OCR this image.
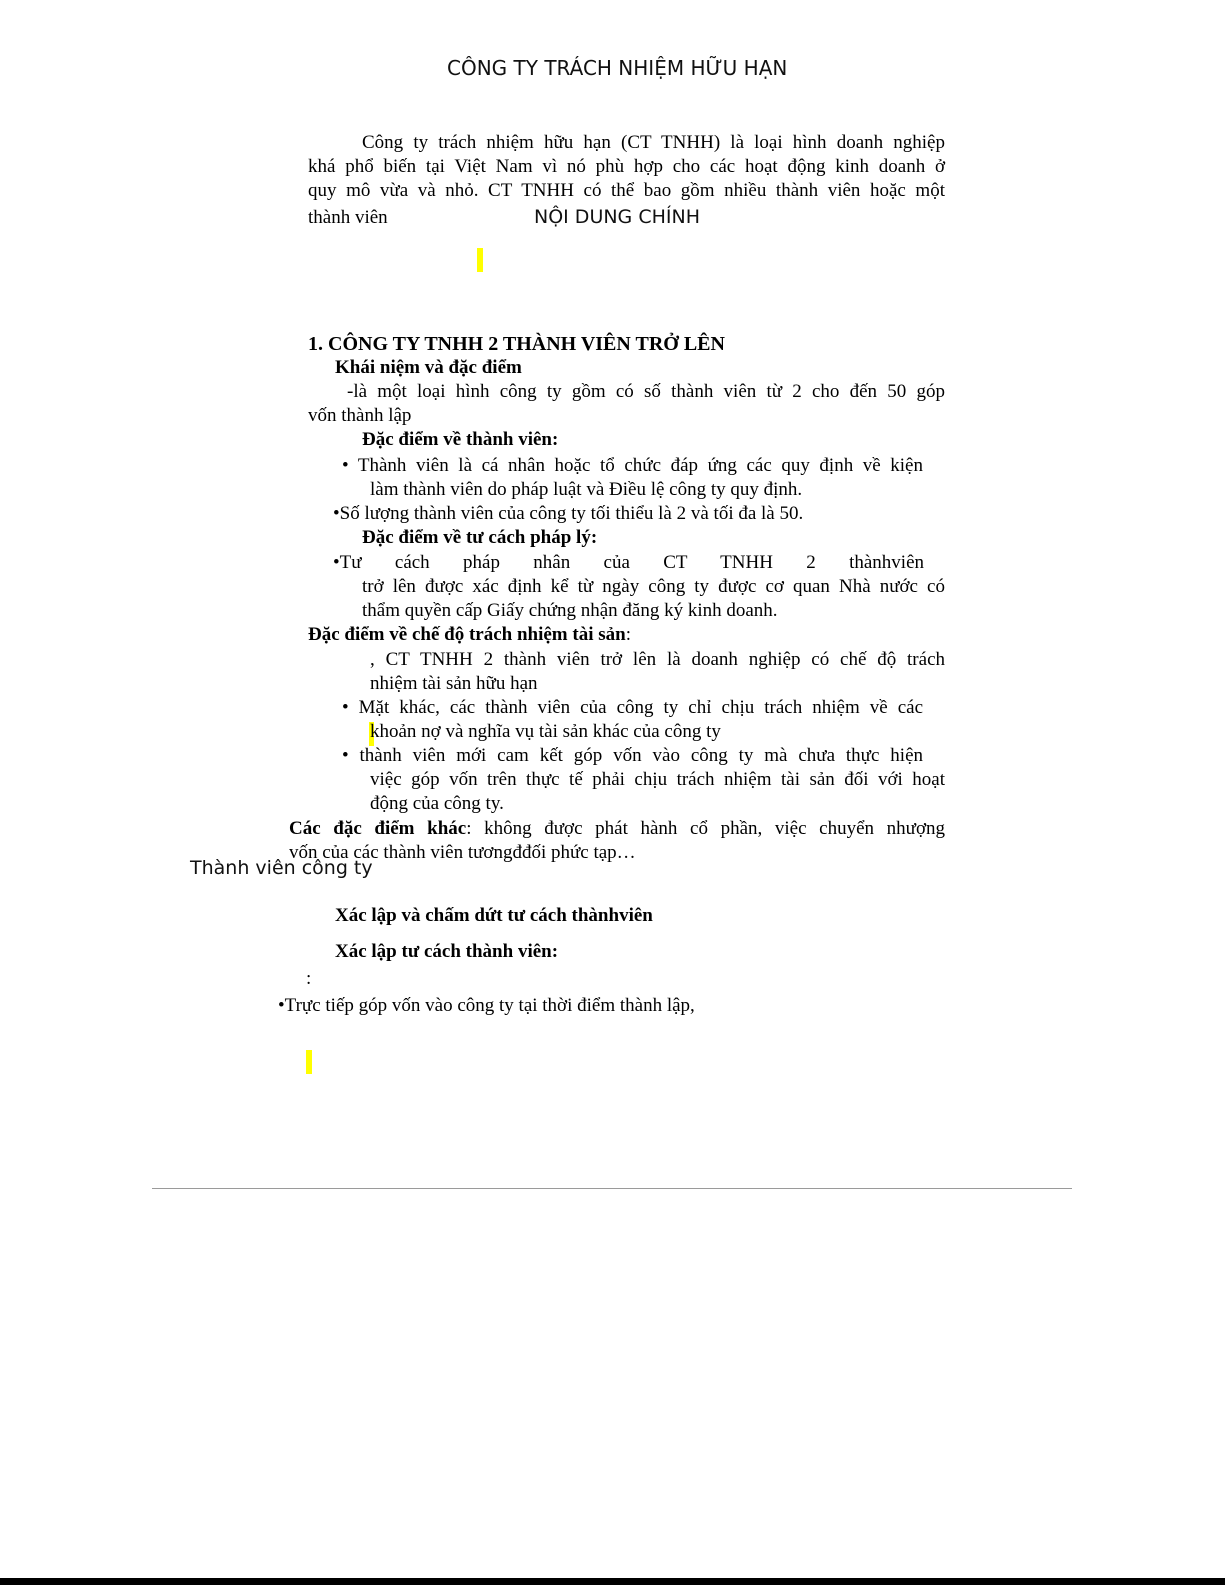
CÔNG TY TRÁCH NHIỆM HỮU HẠN
Công ty trách nhiệm hữu hạn (CT TNHH) là loại hình doanh nghiệp
khá phổ biến tại Việt Nam vì nó phù hợp cho các hoạt động kinh doanh ở
quy mô vừa và nhỏ. CT TNHH có thể bao gồm nhiều thành viên hoặc một
thành viên	NỘI DUNG CHÍNH
1. CÔNG TY TNHH 2 THÀNH VIÊN TRỞ LÊN
Khái niệm và đặc điểm
-là một loại hình công ty gồm có số thành viên từ 2 cho đến 50 góp
vốn thành lập
Đặc điểm về thành viên:
• Thành viên là cá nhân hoặc tổ chức đáp ứng các quy định về kiện
làm thành viên do pháp luật và Điều lệ công ty quy định.
•Số lượng thành viên của công ty tối thiểu là 2 và tối đa là 50.
Đặc điểm về tư cách pháp lý:
•Tư cách pháp nhân của CT TNHH 2 thànhviên
trở lên được xác định kể từ ngày công ty được cơ quan Nhà nước có
thẩm quyền cấp Giấy chứng nhận đăng ký kinh doanh.
Đặc điểm về chế độ trách nhiệm tài sản:
, CT TNHH 2 thành viên trở lên là doanh nghiệp có chế độ trách
nhiệm tài sản hữu hạn
• Mặt khác, các thành viên của công ty chỉ chịu trách nhiệm về các
khoản nợ và nghĩa vụ tài sản khác của công ty
• thành viên mới cam kết góp vốn vào công ty mà chưa thực hiện
việc góp vốn trên thực tế phải chịu trách nhiệm tài sản đối với hoạt
động của công ty.
Các đặc điểm khác: không được phát hành cổ phần, việc chuyển nhượng
vốn của các thành viên tươngđđối phức tạp…
Thành viên công ty
Xác lập và chấm dứt tư cách thànhviên
Xác lập tư cách thành viên:
:
•Trực tiếp góp vốn vào công ty tại thời điểm thành lập,
